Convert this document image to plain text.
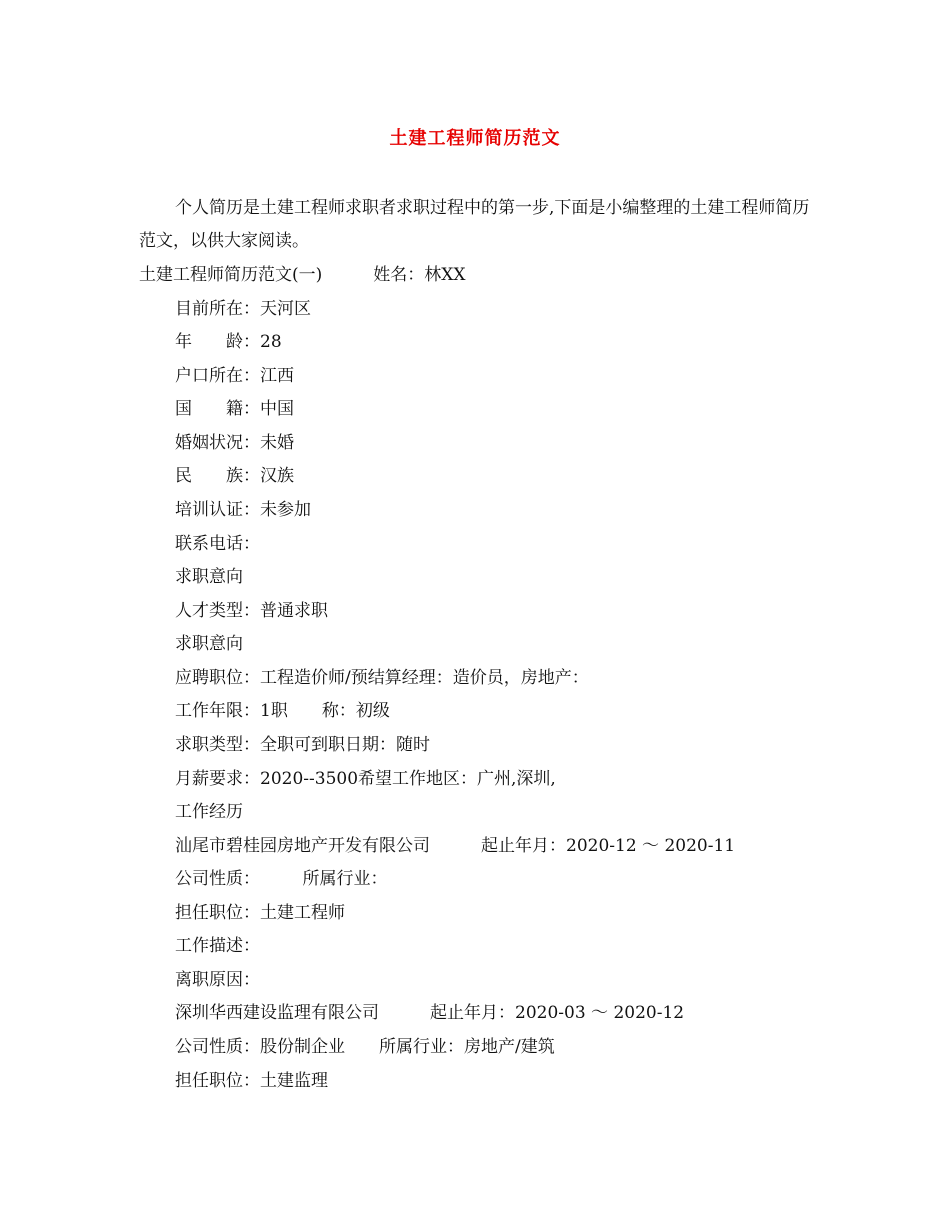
土建工程师简历范文
个人简历是土建工程师求职者求职过程中的第一步,下面是小编整理的土建工程师简历范文，以供大家阅读。
土建工程师简历范文(一)　　　姓名：林XX
目前所在：天河区
年　　龄：28
户口所在：江西
国　　籍：中国
婚姻状况：未婚
民　　族：汉族
培训认证：未参加
联系电话：
求职意向
人才类型：普通求职
求职意向
应聘职位：工程造价师/预结算经理：造价员，房地产：
工作年限：1职　　称：初级
求职类型：全职可到职日期：随时
月薪要求：2020--3500希望工作地区：广州,深圳,
工作经历
汕尾市碧桂园房地产开发有限公司　　　起止年月：2020-12 ～ 2020-11
公司性质：　　　所属行业：
担任职位：土建工程师
工作描述：
离职原因：
深圳华西建设监理有限公司　　　起止年月：2020-03 ～ 2020-12
公司性质：股份制企业　　所属行业：房地产/建筑
担任职位：土建监理
